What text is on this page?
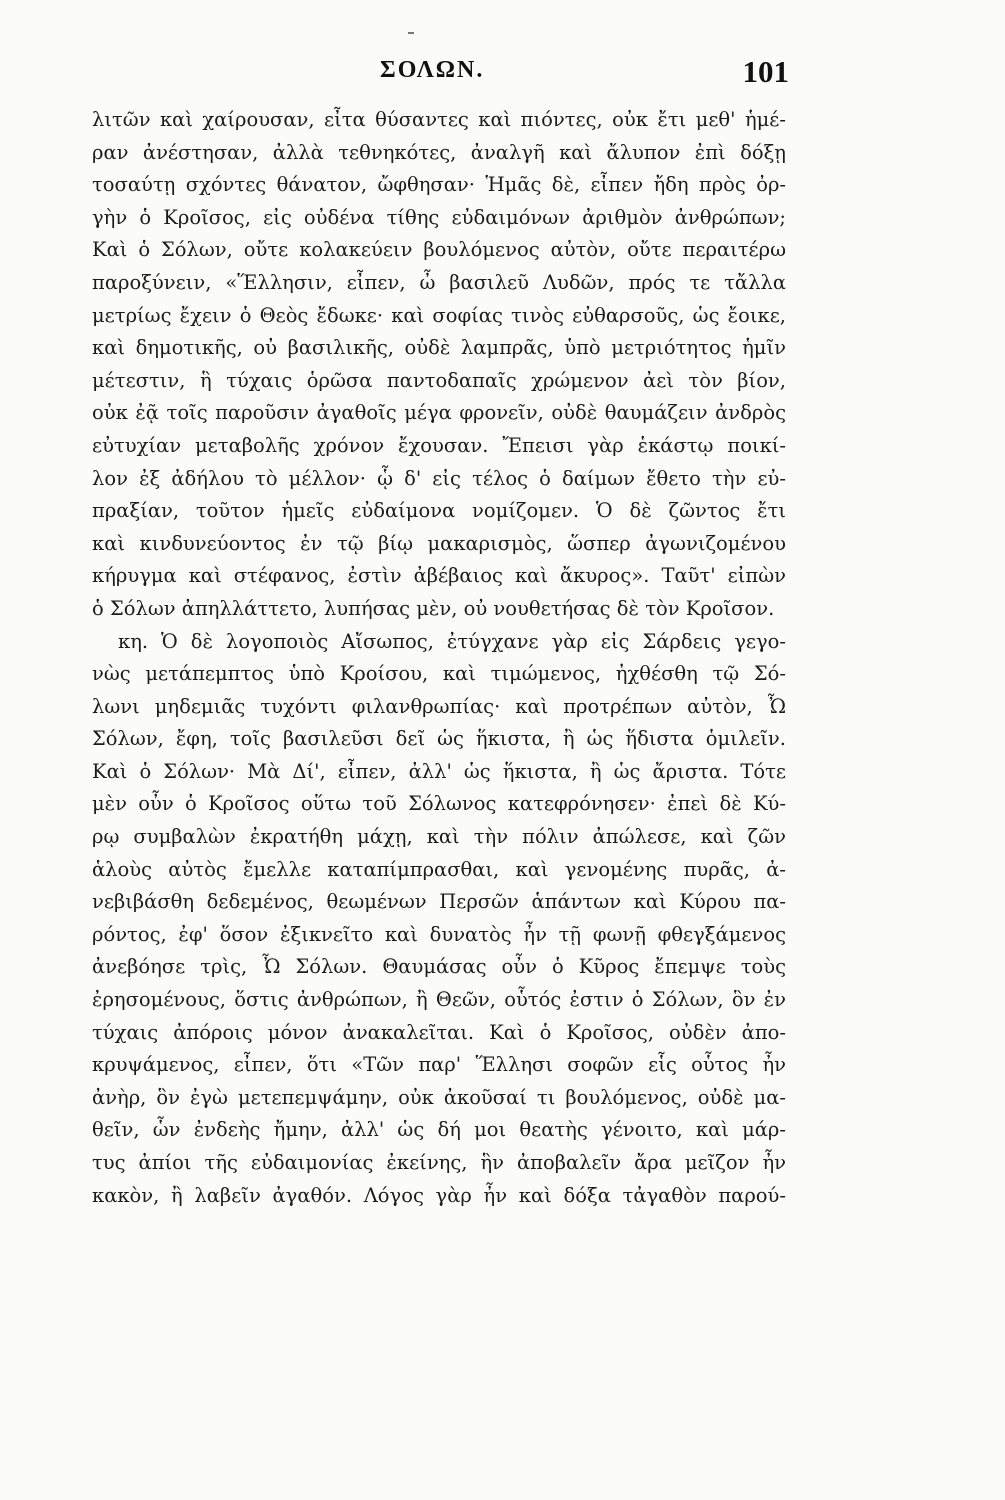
ΣΟΛΩΝ.	101
λιτῶν καὶ χαίρουσαν, εἶτα θύσαντες καὶ πιόντες, οὐκ ἔτι μεθ' ἡμέ-
ραν ἀνέστησαν, ἀλλὰ τεθνηκότες, ἀναλγῆ καὶ ἄλυπον ἐπὶ δόξῃ
τοσαύτῃ σχόντες θάνατον, ὤφθησαν· Ἡμᾶς δὲ, εἶπεν ἤδη πρὸς ὀρ-
γὴν ὁ Κροῖσος, εἰς οὐδένα τίθης εὐδαιμόνων ἀριθμὸν ἀνθρώπων;
Καὶ ὁ Σόλων, οὔτε κολακεύειν βουλόμενος αὐτὸν, οὔτε περαιτέρω
παροξύνειν, «Ἕλλησιν, εἶπεν, ὦ βασιλεῦ Λυδῶν, πρός τε τἄλλα
μετρίως ἔχειν ὁ Θεὸς ἔδωκε· καὶ σοφίας τινὸς εὐθαρσοῦς, ὡς ἔοικε,
καὶ δημοτικῆς, οὐ βασιλικῆς, οὐδὲ λαμπρᾶς, ὑπὸ μετριότητος ἡμῖν
μέτεστιν, ἣ τύχαις ὁρῶσα παντοδαπαῖς χρώμενον ἀεὶ τὸν βίον,
οὐκ ἐᾷ τοῖς παροῦσιν ἀγαθοῖς μέγα φρονεῖν, οὐδὲ θαυμάζειν ἀνδρὸς
εὐτυχίαν μεταβολῆς χρόνον ἔχουσαν. Ἔπεισι γὰρ ἑκάστῳ ποικί-
λον ἐξ ἀδήλου τὸ μέλλον· ᾧ δ' εἰς τέλος ὁ δαίμων ἔθετο τὴν εὐ-
πραξίαν, τοῦτον ἡμεῖς εὐδαίμονα νομίζομεν. Ὁ δὲ ζῶντος ἔτι
καὶ κινδυνεύοντος ἐν τῷ βίῳ μακαρισμὸς, ὥσπερ ἀγωνιζομένου
κήρυγμα καὶ στέφανος, ἐστὶν ἀβέβαιος καὶ ἄκυρος». Ταῦτ' εἰπὼν
ὁ Σόλων ἀπηλλάττετο, λυπήσας μὲν, οὐ νουθετήσας δὲ τὸν Κροῖσον.
κη. Ὁ δὲ λογοποιὸς Αἴσωπος, ἐτύγχανε γὰρ εἰς Σάρδεις γεγο-
νὼς μετάπεμπτος ὑπὸ Κροίσου, καὶ τιμώμενος, ἠχθέσθη τῷ Σό-
λωνι μηδεμιᾶς τυχόντι φιλανθρωπίας· καὶ προτρέπων αὐτὸν, Ὦ
Σόλων, ἔφη, τοῖς βασιλεῦσι δεῖ ὡς ἥκιστα, ἢ ὡς ἥδιστα ὁμιλεῖν.
Καὶ ὁ Σόλων· Μὰ Δί', εἶπεν, ἀλλ' ὡς ἥκιστα, ἢ ὡς ἄριστα. Τότε
μὲν οὖν ὁ Κροῖσος οὕτω τοῦ Σόλωνος κατεφρόνησεν· ἐπεὶ δὲ Κύ-
ρῳ συμβαλὼν ἐκρατήθη μάχῃ, καὶ τὴν πόλιν ἀπώλεσε, καὶ ζῶν
ἁλοὺς αὐτὸς ἔμελλε καταπίμπρασθαι, καὶ γενομένης πυρᾶς, ἀ-
νεβιβάσθη δεδεμένος, θεωμένων Περσῶν ἁπάντων καὶ Κύρου πα-
ρόντος, ἐφ' ὅσον ἐξικνεῖτο καὶ δυνατὸς ἦν τῇ φωνῇ φθεγξάμενος
ἀνεβόησε τρὶς, Ὦ Σόλων. Θαυμάσας οὖν ὁ Κῦρος ἔπεμψε τοὺς
ἐρησομένους, ὅστις ἀνθρώπων, ἢ Θεῶν, οὗτός ἐστιν ὁ Σόλων, ὃν ἐν
τύχαις ἀπόροις μόνον ἀνακαλεῖται. Καὶ ὁ Κροῖσος, οὐδὲν ἀπο-
κρυψάμενος, εἶπεν, ὅτι «Τῶν παρ' Ἕλλησι σοφῶν εἷς οὗτος ἦν
ἀνὴρ, ὃν ἐγὼ μετεπεμψάμην, οὐκ ἀκοῦσαί τι βουλόμενος, οὐδὲ μα-
θεῖν, ὧν ἐνδεὴς ἤμην, ἀλλ' ὡς δή μοι θεατὴς γένοιτο, καὶ μάρ-
τυς ἀπίοι τῆς εὐδαιμονίας ἐκείνης, ἣν ἀποβαλεῖν ἄρα μεῖζον ἦν
κακὸν, ἢ λαβεῖν ἀγαθόν. Λόγος γὰρ ἦν καὶ δόξα τἀγαθὸν παρού-
